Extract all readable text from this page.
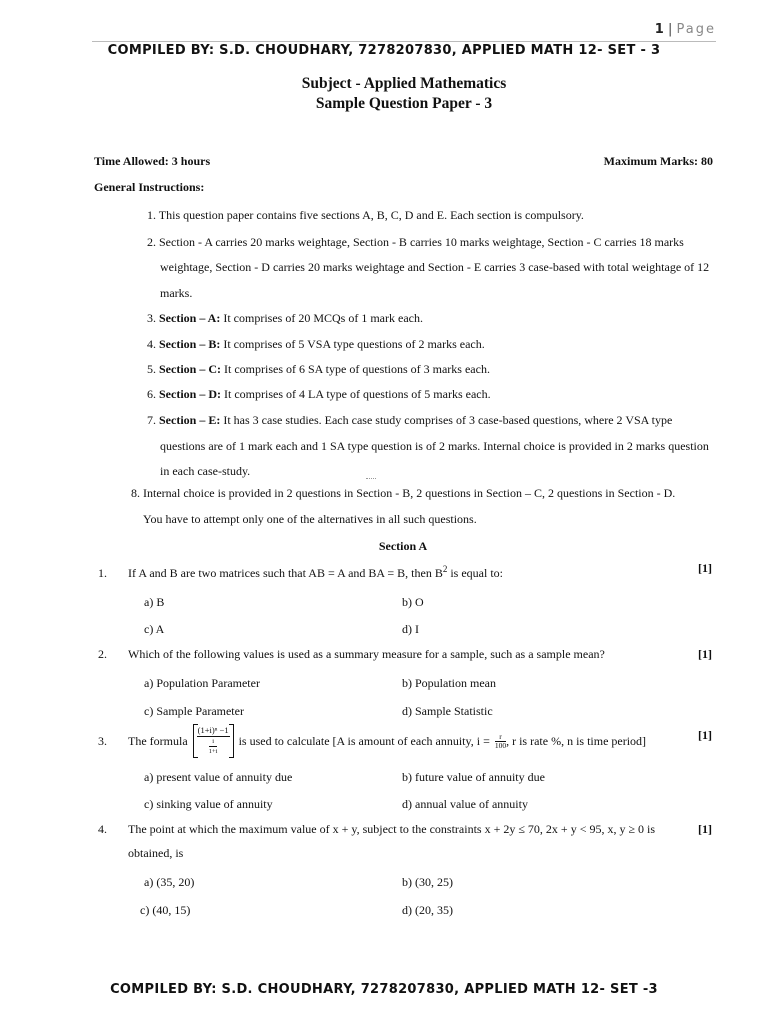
1 | Page
COMPILED BY: S.D. CHOUDHARY, 7278207830, APPLIED MATH 12- SET - 3
Subject - Applied Mathematics
Sample Question Paper - 3
Time Allowed: 3 hours	Maximum Marks: 80
General Instructions:
1. This question paper contains five sections A, B, C, D and E. Each section is compulsory.
2. Section - A carries 20 marks weightage, Section - B carries 10 marks weightage, Section - C carries 18 marks
weightage, Section - D carries 20 marks weightage and Section - E carries 3 case-based with total weightage of 12
marks.
3. Section – A: It comprises of 20 MCQs of 1 mark each.
4. Section – B: It comprises of 5 VSA type questions of 2 marks each.
5. Section – C: It comprises of 6 SA type of questions of 3 marks each.
6. Section – D: It comprises of 4 LA type of questions of 5 marks each.
7. Section – E: It has 3 case studies. Each case study comprises of 3 case-based questions, where 2 VSA type
questions are of 1 mark each and 1 SA type question is of 2 marks. Internal choice is provided in 2 marks question
in each case-study.
8. Internal choice is provided in 2 questions in Section - B, 2 questions in Section – C, 2 questions in Section - D.
You have to attempt only one of the alternatives in all such questions.
Section A
1. If A and B are two matrices such that AB = A and BA = B, then $B^2$ is equal to:	[1]
a) B	b) O
c) A	d) I
2. Which of the following values is used as a summary measure for a sample, such as a sample mean?	[1]
a) Population Parameter	b) Population mean
c) Sample Parameter	d) Sample Statistic
3. The formula $\frac{\text{(1+i)ⁿ −1}}{\frac{i}{1+i}}$ is used to calculate [A is amount of each annuity, $i = \frac{r}{100}$ , r is rate %, n is time period]	[1]
a) present value of annuity due	b) future value of annuity due
c) sinking value of annuity	d) annual value of annuity
4. The point at which the maximum value of x + y, subject to the constraints x + 2y ≤ 70, 2x + y < 95, x, y ≥ 0 is
obtained, is
[1]
a) (35, 20)	b) (30, 25)
c) (40, 15)	d) (20, 35)
COMPILED BY: S.D. CHOUDHARY, 7278207830, APPLIED MATH 12- SET -3
